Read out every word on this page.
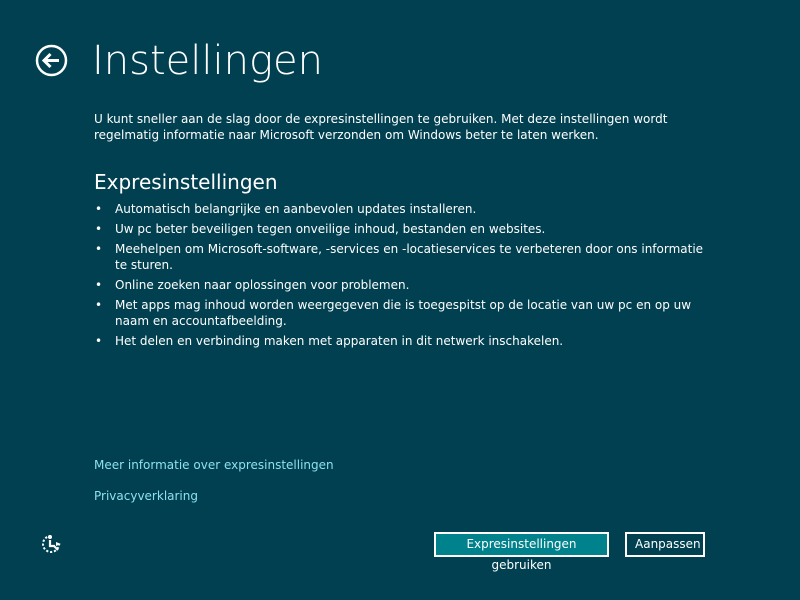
Instellingen

U kunt sneller aan de slag door de expresinstellingen te gebruiken. Met deze instellingen wordt regelmatig informatie naar Microsoft verzonden om Windows beter te laten werken.

Expresinstellingen
• Automatisch belangrijke en aanbevolen updates installeren.
• Uw pc beter beveiligen tegen onveilige inhoud, bestanden en websites.
• Meehelpen om Microsoft-software, -services en -locatieservices te verbeteren door ons informatie te sturen.
• Online zoeken naar oplossingen voor problemen.
• Met apps mag inhoud worden weergegeven die is toegespitst op de locatie van uw pc en op uw naam en accountafbeelding.
• Het delen en verbinding maken met apparaten in dit netwerk inschakelen.
Meer informatie over expresinstellingen
Privacyverklaring
Expresinstellingen gebruiken
Aanpassen
